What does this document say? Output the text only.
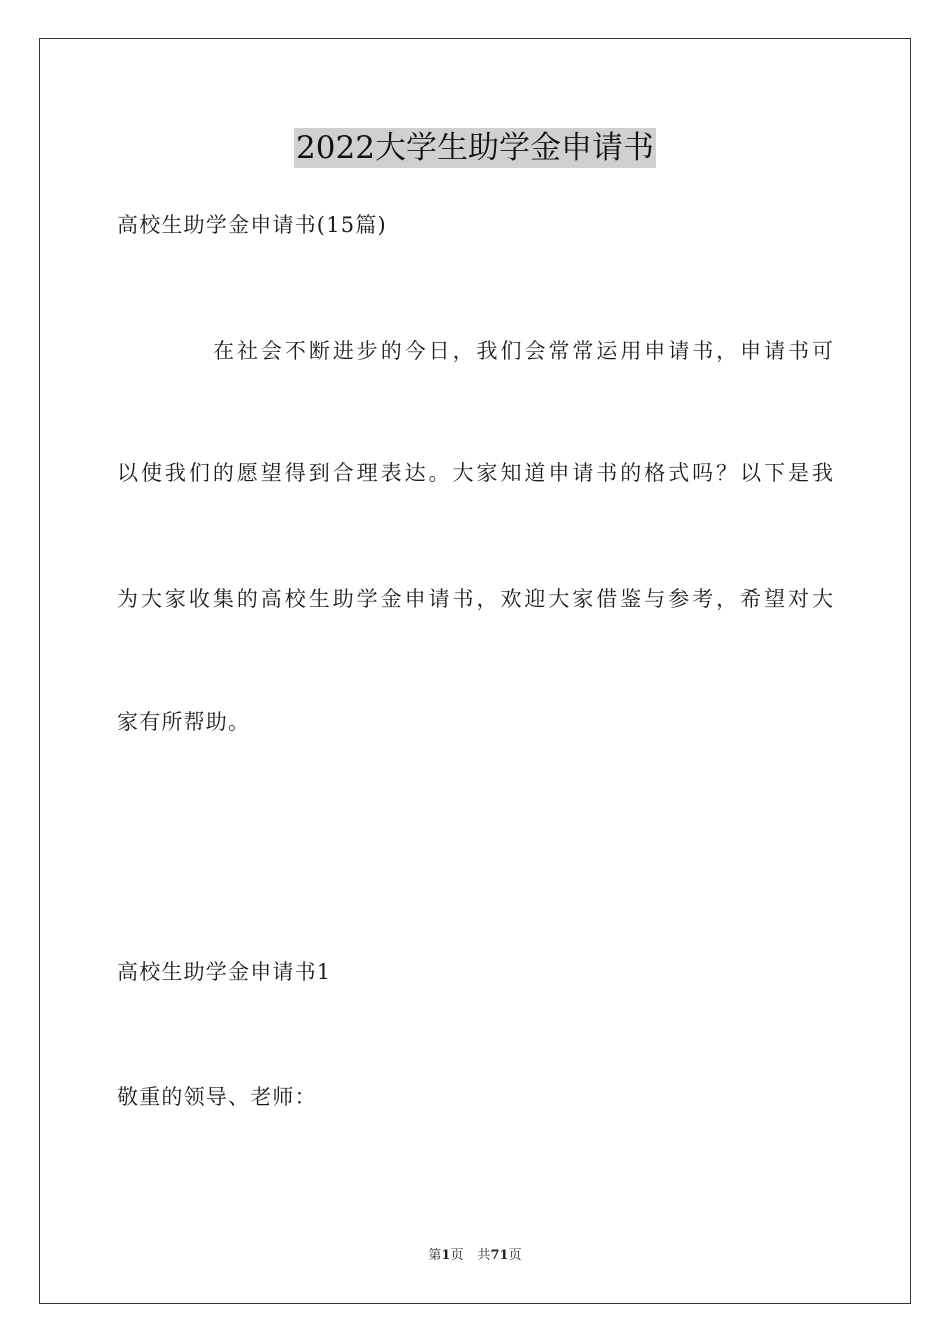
2022大学生助学金申请书
高校生助学金申请书(15篇)
在社会不断进步的今日，我们会常常运用申请书，申请书可
以使我们的愿望得到合理表达。大家知道申请书的格式吗？以下是我
为大家收集的高校生助学金申请书，欢迎大家借鉴与参考，希望对大
家有所帮助。
高校生助学金申请书1
敬重的领导、老师：
第1页 共71页
